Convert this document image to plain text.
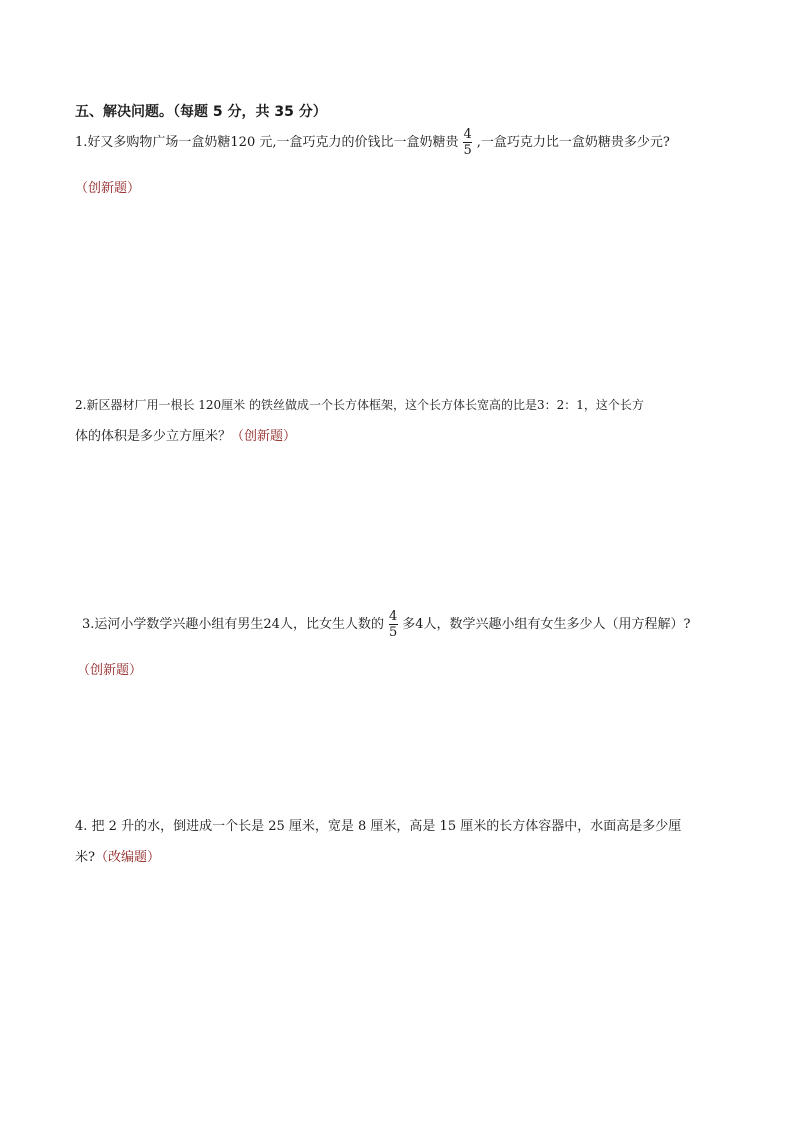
五、解决问题。（每题 5 分，共 35 分）
1.好又多购物广场一盒奶糖120 元,一盒巧克力的价钱比一盒奶糖贵 $\frac{4}{5}$ ,一盒巧克力比一盒奶糖贵多少元?
（创新题）
2.新区器材厂用一根长 120厘米 的铁丝做成一个长方体框架，这个长方体长宽高的比是3：2：1，这个长方
体的体积是多少立方厘米？ （创新题）
3.运河小学数学兴趣小组有男生24人，比女生人数的 $\frac{4}{5}$ 多4人，数学兴趣小组有女生多少人（用方程解）?
（创新题）
4. 把 2 升的水，倒进成一个长是 25 厘米，宽是 8 厘米，高是 15 厘米的长方体容器中，水面高是多少厘
米? （改编题）
